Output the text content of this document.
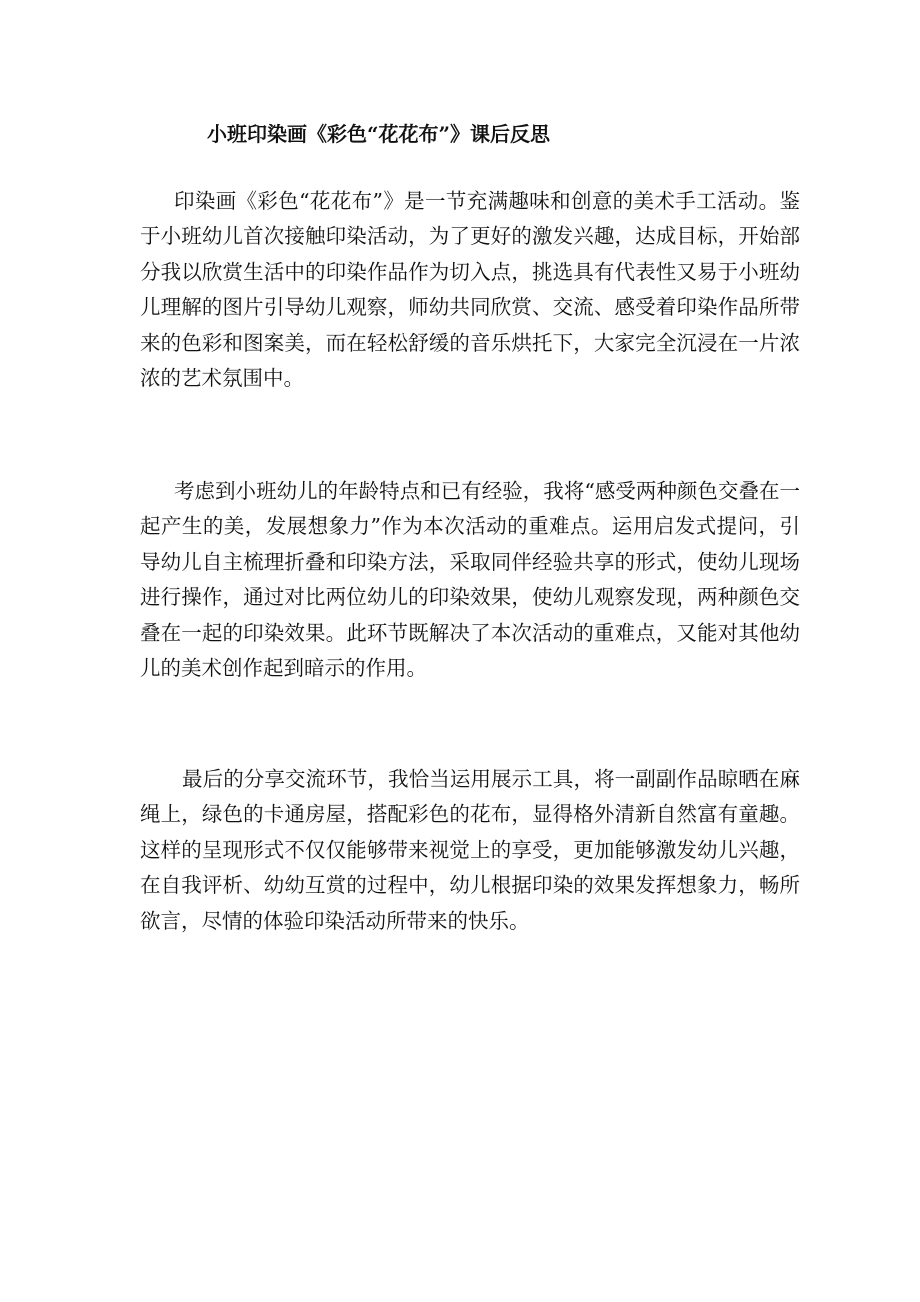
小班印染画《彩色“花花布”》课后反思

印染画《彩色“花花布”》是一节充满趣味和创意的美术手工活动。鉴于小班幼儿首次接触印染活动，为了更好的激发兴趣，达成目标，开始部分我以欣赏生活中的印染作品作为切入点，挑选具有代表性又易于小班幼儿理解的图片引导幼儿观察，师幼共同欣赏、交流、感受着印染作品所带来的色彩和图案美，而在轻松舒缓的音乐烘托下，大家完全沉浸在一片浓浓的艺术氛围中。

考虑到小班幼儿的年龄特点和已有经验，我将“感受两种颜色交叠在一起产生的美，发展想象力”作为本次活动的重难点。运用启发式提问，引导幼儿自主梳理折叠和印染方法，采取同伴经验共享的形式，使幼儿现场进行操作，通过对比两位幼儿的印染效果，使幼儿观察发现，两种颜色交叠在一起的印染效果。此环节既解决了本次活动的重难点，又能对其他幼儿的美术创作起到暗示的作用。

最后的分享交流环节，我恰当运用展示工具，将一副副作品晾晒在麻绳上，绿色的卡通房屋，搭配彩色的花布，显得格外清新自然富有童趣。这样的呈现形式不仅仅能够带来视觉上的享受，更加能够激发幼儿兴趣，在自我评析、幼幼互赏的过程中，幼儿根据印染的效果发挥想象力，畅所欲言，尽情的体验印染活动所带来的快乐。
